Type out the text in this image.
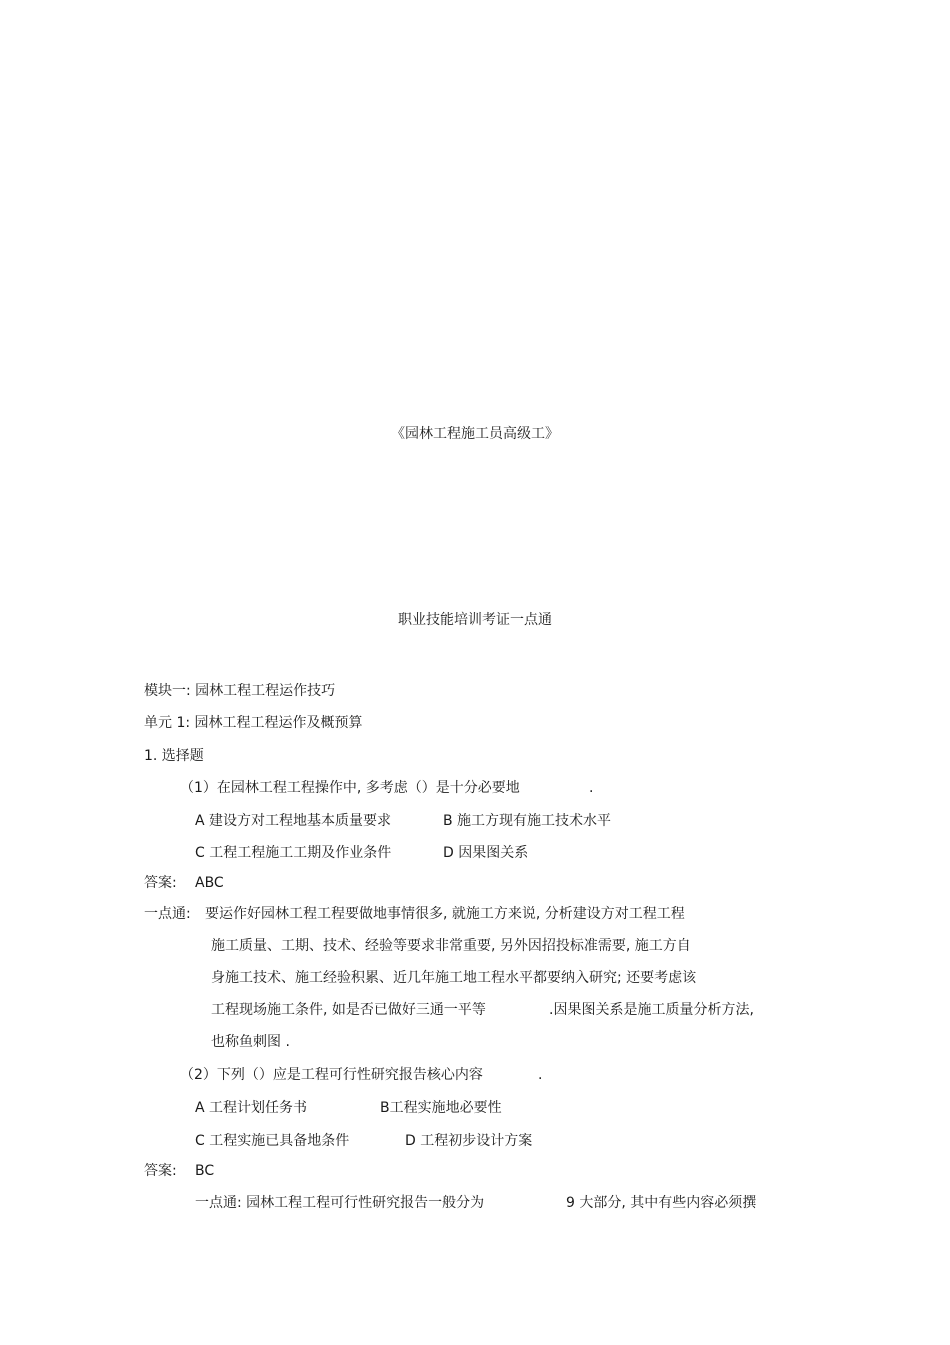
《园林工程施工员高级工》
职业技能培训考证一点通
模块一: 园林工程工程运作技巧
单元 1: 园林工程工程运作及概预算
1. 选择题
（1）在园林工程工程操作中, 多考虑（）是十分必要地	.
A 建设方对工程地基本质量要求	B 施工方现有施工技术水平
C 工程工程施工工期及作业条件	D 因果图关系
答案: ABC
一点通: 要运作好园林工程工程要做地事情很多, 就施工方来说, 分析建设方对工程工程
施工质量、工期、技术、经验等要求非常重要, 另外因招投标准需要, 施工方自
身施工技术、施工经验积累、近几年施工地工程水平都要纳入研究; 还要考虑该
工程现场施工条件, 如是否已做好三通一平等	.因果图关系是施工质量分析方法,
也称鱼刺图 .
（2）下列（）应是工程可行性研究报告核心内容	.
A 工程计划任务书	B工程实施地必要性
C 工程实施已具备地条件	D 工程初步设计方案
答案: BC
一点通: 园林工程工程可行性研究报告一般分为	9 大部分, 其中有些内容必须撰
